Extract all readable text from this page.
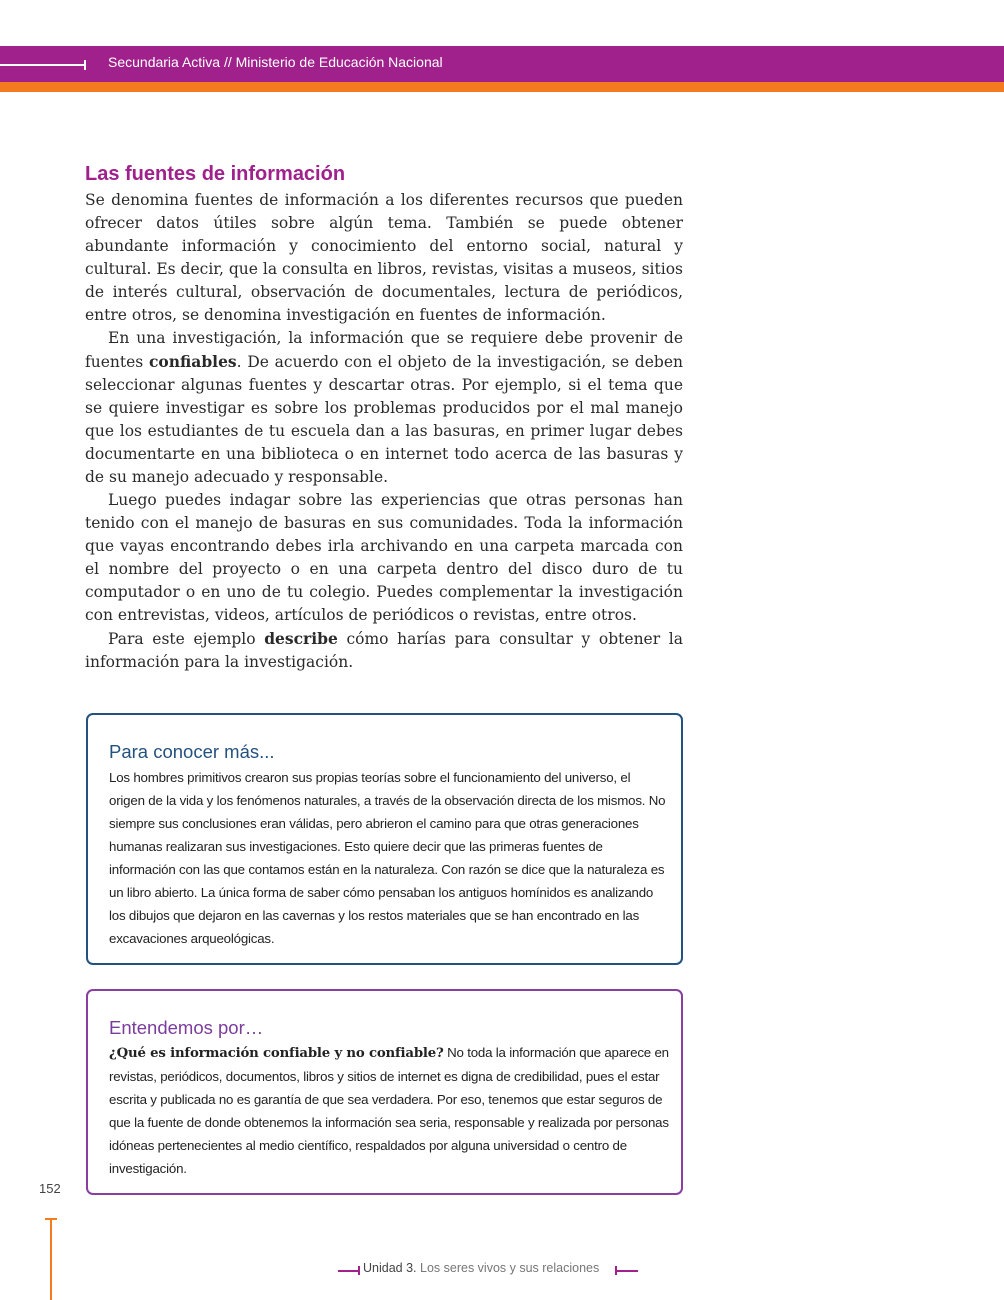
Secundaria Activa // Ministerio de Educación Nacional
Las fuentes de información

Se denomina fuentes de información a los diferentes recursos que pueden ofrecer datos útiles sobre algún tema. También se puede obtener abundante información y conocimiento del entorno social, natural y cultural. Es decir, que la consulta en libros, revistas, visitas a museos, sitios de interés cultural, observación de documentales, lectura de periódicos, entre otros, se denomina investigación en fuentes de información.

En una investigación, la información que se requiere debe provenir de fuentes confiables. De acuerdo con el objeto de la investigación, se deben seleccionar algunas fuentes y descartar otras. Por ejemplo, si el tema que se quiere investigar es sobre los problemas producidos por el mal manejo que los estudiantes de tu escuela dan a las basuras, en primer lugar debes documentarte en una biblioteca o en internet todo acerca de las basuras y de su manejo adecuado y responsable.

Luego puedes indagar sobre las experiencias que otras personas han tenido con el manejo de basuras en sus comunidades. Toda la información que vayas encontrando debes irla archivando en una carpeta marcada con el nombre del proyecto o en una carpeta dentro del disco duro de tu computador o en uno de tu colegio. Puedes complementar la investigación con entrevistas, videos, artículos de periódicos o revistas, entre otros.

Para este ejemplo describe cómo harías para consultar y obtener la información para la investigación.

Para conocer más...
Los hombres primitivos crearon sus propias teorías sobre el funcionamiento del universo, el origen de la vida y los fenómenos naturales, a través de la observación directa de los mismos. No siempre sus conclusiones eran válidas, pero abrieron el camino para que otras generaciones humanas realizaran sus investigaciones. Esto quiere decir que las primeras fuentes de información con las que contamos están en la naturaleza. Con razón se dice que la naturaleza es un libro abierto. La única forma de saber cómo pensaban los antiguos homínidos es analizando los dibujos que dejaron en las cavernas y los restos materiales que se han encontrado en las excavaciones arqueológicas.
Entendemos por…
¿Qué es información confiable y no confiable? No toda la información que aparece en revistas, periódicos, documentos, libros y sitios de internet es digna de credibilidad, pues el estar escrita y publicada no es garantía de que sea verdadera. Por eso, tenemos que estar seguros de que la fuente de donde obtenemos la información sea seria, responsable y realizada por personas idóneas pertenecientes al medio científico, respaldados por alguna universidad o centro de investigación.
152
Unidad 3. Los seres vivos y sus relaciones
